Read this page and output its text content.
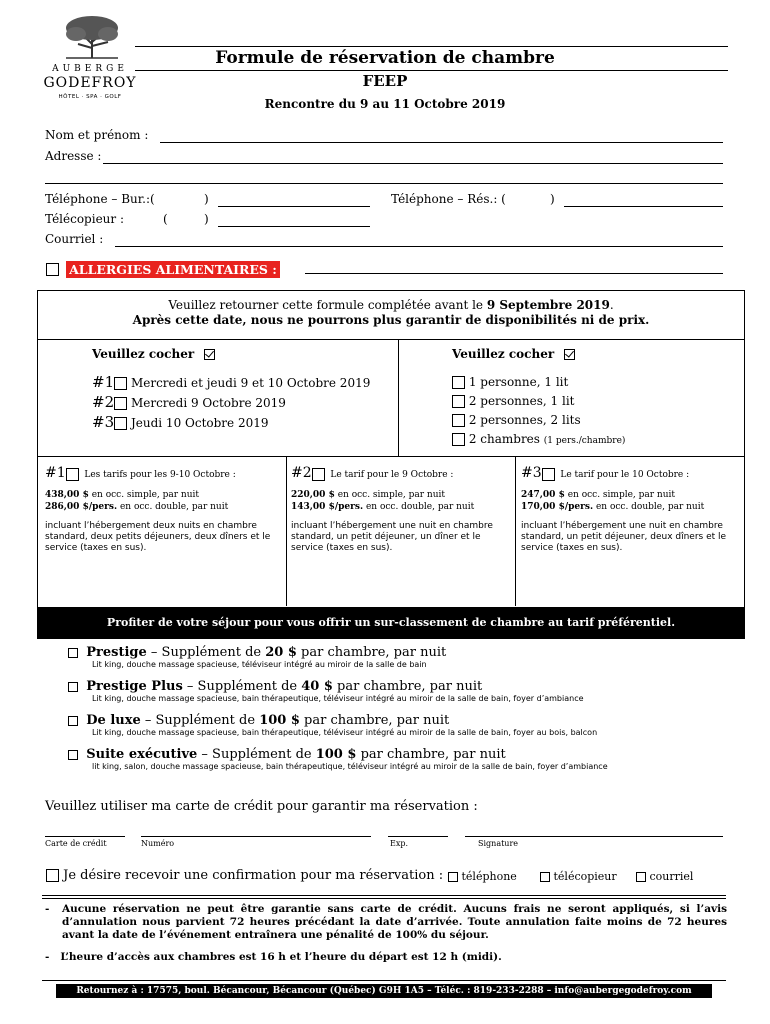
AUBERGE
GODEFROY
HÔTEL · SPA · GOLF
Formule de réservation de chambre
FEEP
Rencontre du 9 au 11 Octobre 2019
Nom et prénom :
Adresse :
Téléphone – Bur.:(	)	Téléphone – Rés.: (	)
Télécopieur :	(	)
Courriel :
ALLERGIES ALIMENTAIRES :
Veuillez retourner cette formule complétée avant le 9 Septembre 2019.
Après cette date, nous ne pourrons plus garantir de disponibilités ni de prix.
Veuillez cocher
#1 Mercredi et jeudi 9 et 10 Octobre 2019
#2 Mercredi 9 Octobre 2019
#3 Jeudi 10 Octobre 2019
Veuillez cocher
1 personne, 1 lit
2 personnes, 1 lit
2 personnes, 2 lits
2 chambres (1 pers./chambre)
#1 Les tarifs pour les 9-10 Octobre :
438,00 $ en occ. simple, par nuit
286,00 $/pers. en occ. double, par nuit
incluant l’hébergement deux nuits en chambre standard, deux petits déjeuners, deux dîners et le service (taxes en sus).
#2 Le tarif pour le 9 Octobre :
220,00 $ en occ. simple, par nuit
143,00 $/pers. en occ. double, par nuit
incluant l’hébergement une nuit en chambre standard, un petit déjeuner, un dîner et le service (taxes en sus).
#3 Le tarif pour le 10 Octobre :
247,00 $ en occ. simple, par nuit
170,00 $/pers. en occ. double, par nuit
incluant l’hébergement une nuit en chambre standard, un petit déjeuner, deux dîners et le service (taxes en sus).
Profiter de votre séjour pour vous offrir un sur-classement de chambre au tarif préférentiel.
Prestige – Supplément de 20 $ par chambre, par nuit
Lit king, douche massage spacieuse, téléviseur intégré au miroir de la salle de bain
Prestige Plus – Supplément de 40 $ par chambre, par nuit
Lit king, douche massage spacieuse, bain thérapeutique, téléviseur intégré au miroir de la salle de bain, foyer d’ambiance
De luxe – Supplément de 100 $ par chambre, par nuit
Lit king, douche massage spacieuse, bain thérapeutique, téléviseur intégré au miroir de la salle de bain, foyer au bois, balcon
Suite exécutive – Supplément de 100 $ par chambre, par nuit
lit king, salon, douche massage spacieuse, bain thérapeutique, téléviseur intégré au miroir de la salle de bain, foyer d’ambiance
Veuillez utiliser ma carte de crédit pour garantir ma réservation :
Carte de crédit	Numéro	Exp.	Signature
Je désire recevoir une confirmation pour ma réservation :	téléphone	télécopieur	courriel
- Aucune réservation ne peut être garantie sans carte de crédit. Aucuns frais ne seront appliqués, si l’avis d’annulation nous parvient 72 heures précédant la date d’arrivée. Toute annulation faite moins de 72 heures avant la date de l’événement entraînera une pénalité de 100% du séjour.
- L’heure d’accès aux chambres est 16 h et l’heure du départ est 12 h (midi).
Retournez à : 17575, boul. Bécancour, Bécancour (Québec) G9H 1A5 – Téléc. : 819-233-2288 – info@aubergegodefroy.com
